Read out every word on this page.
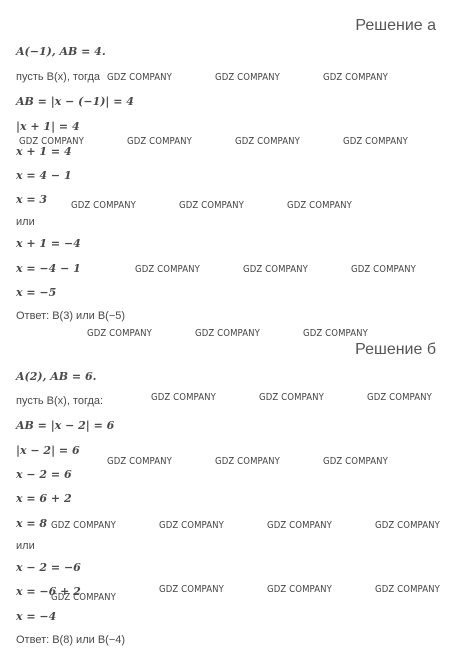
Решение а
Решение б
A(−1), AB = 4.
пусть B(x), тогда
AB = |x − (−1)| = 4
|x + 1| = 4
x + 1 = 4
x = 4 − 1
x = 3
или
x + 1 = −4
x = −4 − 1
x = −5
Ответ: B(3) или B(−5)
A(2), AB = 6.
пусть B(x), тогда:
AB = |x − 2| = 6
|x − 2| = 6
x − 2 = 6
x = 6 + 2
x = 8
или
x − 2 = −6
x = −6 + 2
x = −4
Ответ: B(8) или B(−4)
GDZ COMPANY	GDZ COMPANY	GDZ COMPANY
GDZ COMPANY	GDZ COMPANY	GDZ COMPANY	GDZ COMPANY
GDZ COMPANY	GDZ COMPANY	GDZ COMPANY
GDZ COMPANY	GDZ COMPANY	GDZ COMPANY
GDZ COMPANY	GDZ COMPANY	GDZ COMPANY
GDZ COMPANY	GDZ COMPANY	GDZ COMPANY
GDZ COMPANY	GDZ COMPANY	GDZ COMPANY
GDZ COMPANY	GDZ COMPANY	GDZ COMPANY	GDZ COMPANY
GDZ COMPANY
GDZ COMPANY	GDZ COMPANY	GDZ COMPANY
